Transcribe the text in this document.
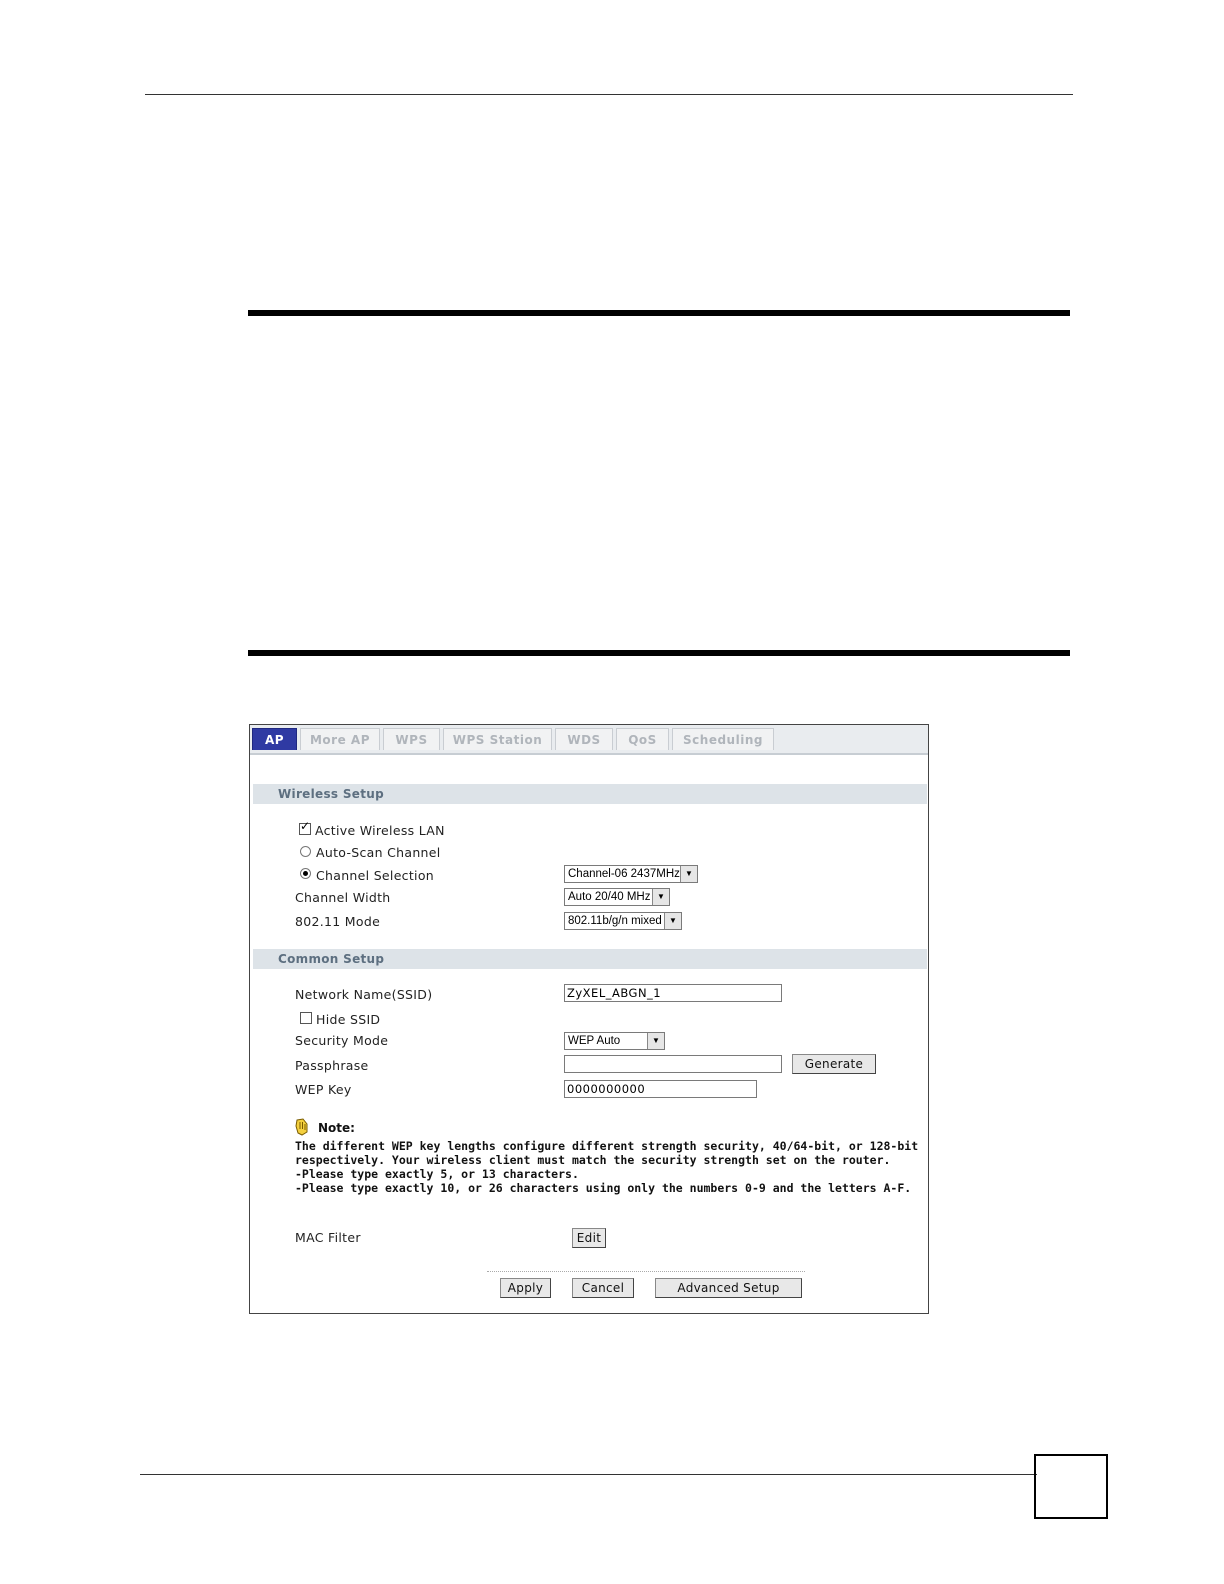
AP	More AP	WPS	WPS Station	WDS	QoS	Scheduling
Wireless Setup
✓ Active Wireless LAN
Auto-Scan Channel
Channel Selection	Channel-06 2437MHz ▼
Channel Width	Auto 20/40 MHz ▼
802.11 Mode	802.11b/g/n mixed ▼
Common Setup
Network Name(SSID)	ZyXEL_ABGN_1
Hide SSID
Security Mode	WEP Auto	▼
Passphrase	Generate
WEP Key	0000000000
Note:
The different WEP key lengths configure different strength security, 40/64-bit, or 128-bit
respectively. Your wireless client must match the security strength set on the router.
-Please type exactly 5, or 13 characters.
-Please type exactly 10, or 26 characters using only the numbers 0-9 and the letters A-F.
MAC Filter	Edit
Apply	Cancel	Advanced Setup
